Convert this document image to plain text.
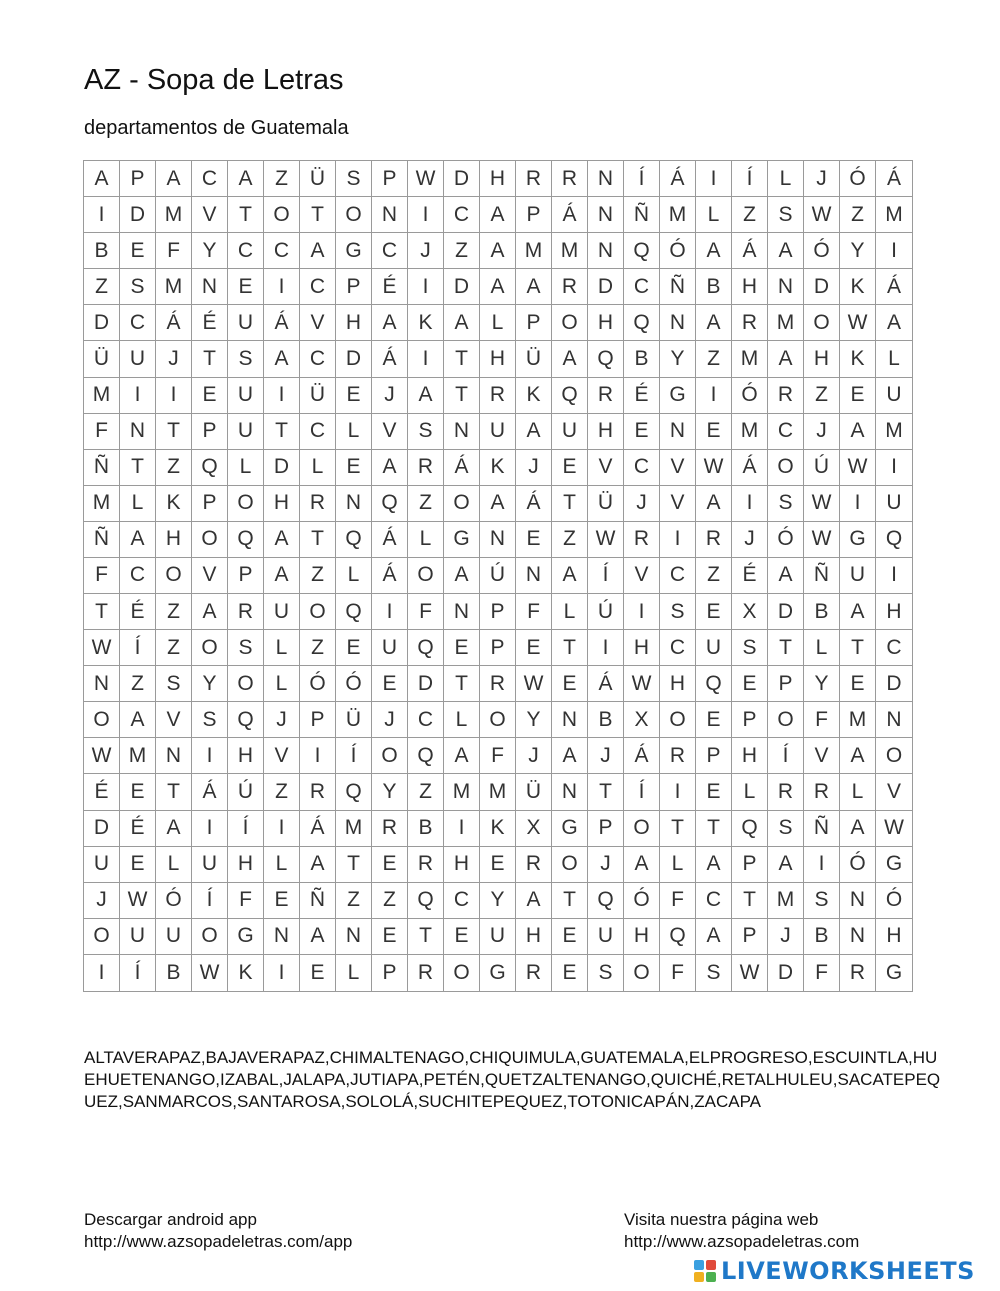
AZ - Sopa de Letras
departamentos de Guatemala
A	P	A	C	A	Z	Ü	S	P W D H R R N	Í	Á	I	Í	L	J	Ó	Á
I	D M V	T	O	T	O N	I	C	A	P	Á	N Ñ M	L	Z	S W Z	M
B	E	F	Y	C C	A G C	J	Z	A M M N Q Ó A	Á	A Ó Y	I
Z	S M N	E	I	C	P	É	I	D	A	A	R D C Ñ	B	H N D	K	Á
D C	Á	É	U	Á	V	H	A	K	A	L	P O H Q N	A	R M O W A
Ü U	J	T	S	A	C D	Á	I	T	H Ü	A Q B	Y	Z M A	H	K	L
M	I	I	E	U	I	Ü	E	J	A	T	R	K Q R	É G	I	Ó R	Z	E	U
F	N	T	P	U	T	C	L	V	S	N U	A	U H	E	N	E M C	J	A M
Ñ	T	Z	Q	L	D	L	E	A	R	Á	K	J	E	V	C	V W Á O Ú W	I
M	L	K	P O H R N Q	Z	O A	Á	T	Ü	J	V	A	I	S W	I	U
Ñ	A	H O Q A	T	Q Á	L	G N	E	Z W R	I	R	J	Ó W G Q
F	C O V	P	A	Z	L	Á O A	Ú N	A	Í	V	C	Z	É	A	Ñ U	I
T	É	Z	A	R U O Q	I	F	N	P	F	L	Ú	I	S	E	X	D	B	A	H
W	Í	Z	O S	L	Z	E	U Q E	P	E	T	I	H C U	S	T	L	T	C
N	Z	S	Y O	L	Ó Ó E	D	T	R W E	Á W H Q E	P	Y	E	D
O A	V	S Q	J	P	Ü	J	C	L	O Y	N	B	X O E	P O	F M N
W M N	I	H	V	I	Í	O Q A	F	J	A	J	Á	R	P	H	Í	V	A	O
É	E	T	Á	Ú	Z	R Q Y	Z M M Ü N	T	Í	I	E	L	R R	L	V
D	É	A	I	Í	I	Á M R	B	I	K	X G P O	T	T	Q S	Ñ	A W
U	E	L	U H	L	A	T	E	R H	E	R O	J	A	L	A	P	A	I	Ó G
J W Ó	Í	F	E	Ñ	Z	Z	Q C	Y	A	T	Q Ó	F	C	T M S	N Ó
O U U O G N	A	N	E	T	E	U H	E	U H Q A	P	J	B	N	H
I	Í	B W K	I	E	L	P	R O G R	E	S O	F	S W D	F	R G
ALTAVERAPAZ,BAJAVERAPAZ,CHIMALTENAGO,CHIQUIMULA,GUATEMALA,ELPROGRESO,ESCUINTLA,HUEHUETENANGO,IZABAL,JALAPA,JUTIAPA,PETÉN,QUETZALTENANGO,QUICHÉ,RETALHULEU,SACATEPEQUEZ,SANMARCOS,SANTAROSA,SOLOLÁ,SUCHITEPEQUEZ,TOTONICAPÁN,ZACAPA
Descargar android app
http://www.azsopadeletras.com/app
Visita nuestra página web
http://www.azsopadeletras.com
LIVEWORKSHEETS
